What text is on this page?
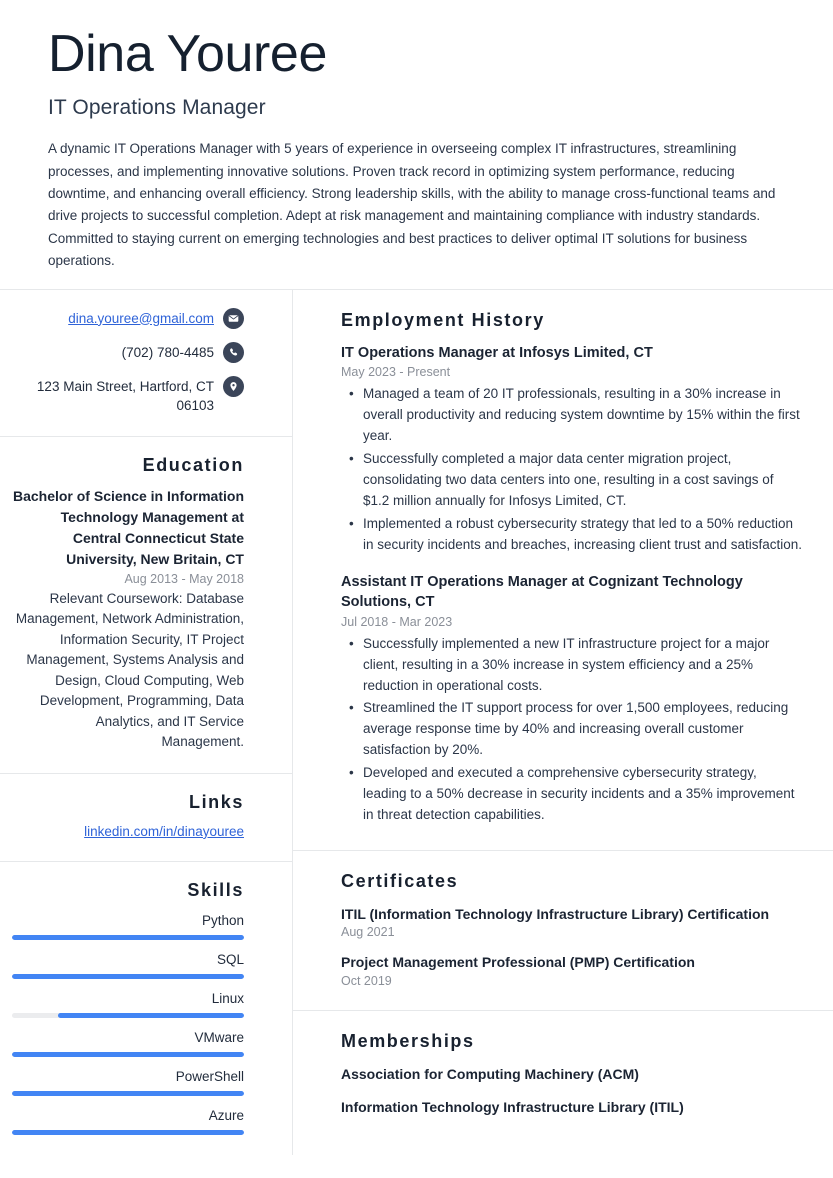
Dina Youree
IT Operations Manager

A dynamic IT Operations Manager with 5 years of experience in overseeing complex IT infrastructures, streamlining processes, and implementing innovative solutions. Proven track record in optimizing system performance, reducing downtime, and enhancing overall efficiency. Strong leadership skills, with the ability to manage cross-functional teams and drive projects to successful completion. Adept at risk management and maintaining compliance with industry standards. Committed to staying current on emerging technologies and best practices to deliver optimal IT solutions for business operations.

dina.youree@gmail.com
(702) 780-4485
123 Main Street, Hartford, CT 06103
Education
Bachelor of Science in Information Technology Management at Central Connecticut State University, New Britain, CT
Aug 2013 - May 2018
Relevant Coursework: Database Management, Network Administration, Information Security, IT Project Management, Systems Analysis and Design, Cloud Computing, Web Development, Programming, Data Analytics, and IT Service Management.
Links
linkedin.com/in/dinayouree
Skills
Python
SQL
Linux
VMware
PowerShell
Azure
Employment History
IT Operations Manager at Infosys Limited, CT
May 2023 - Present
• Managed a team of 20 IT professionals, resulting in a 30% increase in overall productivity and reducing system downtime by 15% within the first year.
• Successfully completed a major data center migration project, consolidating two data centers into one, resulting in a cost savings of $1.2 million annually for Infosys Limited, CT.
• Implemented a robust cybersecurity strategy that led to a 50% reduction in security incidents and breaches, increasing client trust and satisfaction.
Assistant IT Operations Manager at Cognizant Technology Solutions, CT
Jul 2018 - Mar 2023
• Successfully implemented a new IT infrastructure project for a major client, resulting in a 30% increase in system efficiency and a 25% reduction in operational costs.
• Streamlined the IT support process for over 1,500 employees, reducing average response time by 40% and increasing overall customer satisfaction by 20%.
• Developed and executed a comprehensive cybersecurity strategy, leading to a 50% decrease in security incidents and a 35% improvement in threat detection capabilities.
Certificates
ITIL (Information Technology Infrastructure Library) Certification
Aug 2021
Project Management Professional (PMP) Certification
Oct 2019
Memberships
Association for Computing Machinery (ACM)
Information Technology Infrastructure Library (ITIL)
